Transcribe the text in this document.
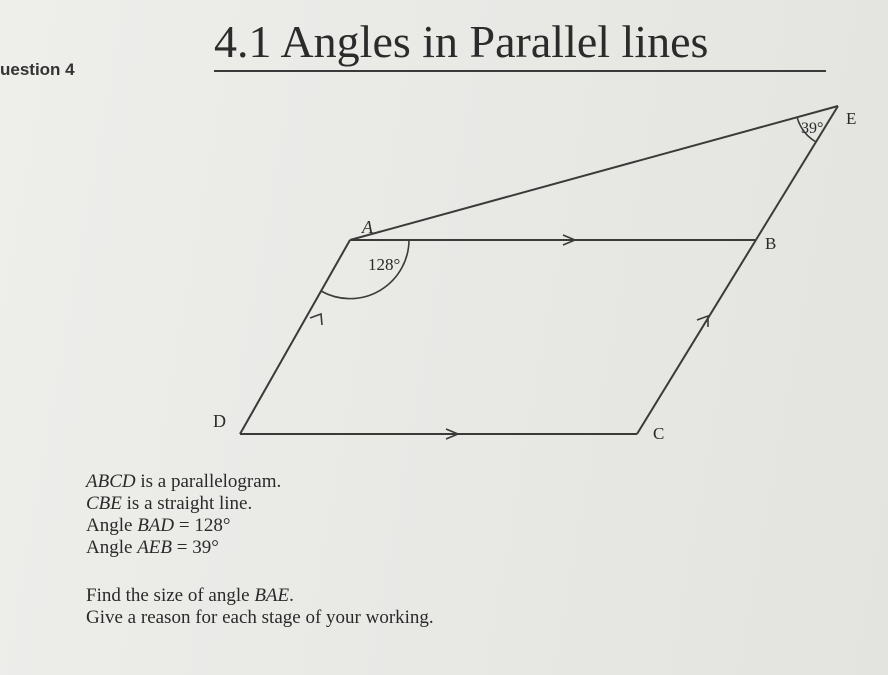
uestion 4
4.1 Angles in Parallel lines
A
B
C
D
E
128°
39°
ABCD is a parallelogram.
CBE is a straight line.
Angle BAD = 128°
Angle AEB = 39°
Find the size of angle BAE.
Give a reason for each stage of your working.
